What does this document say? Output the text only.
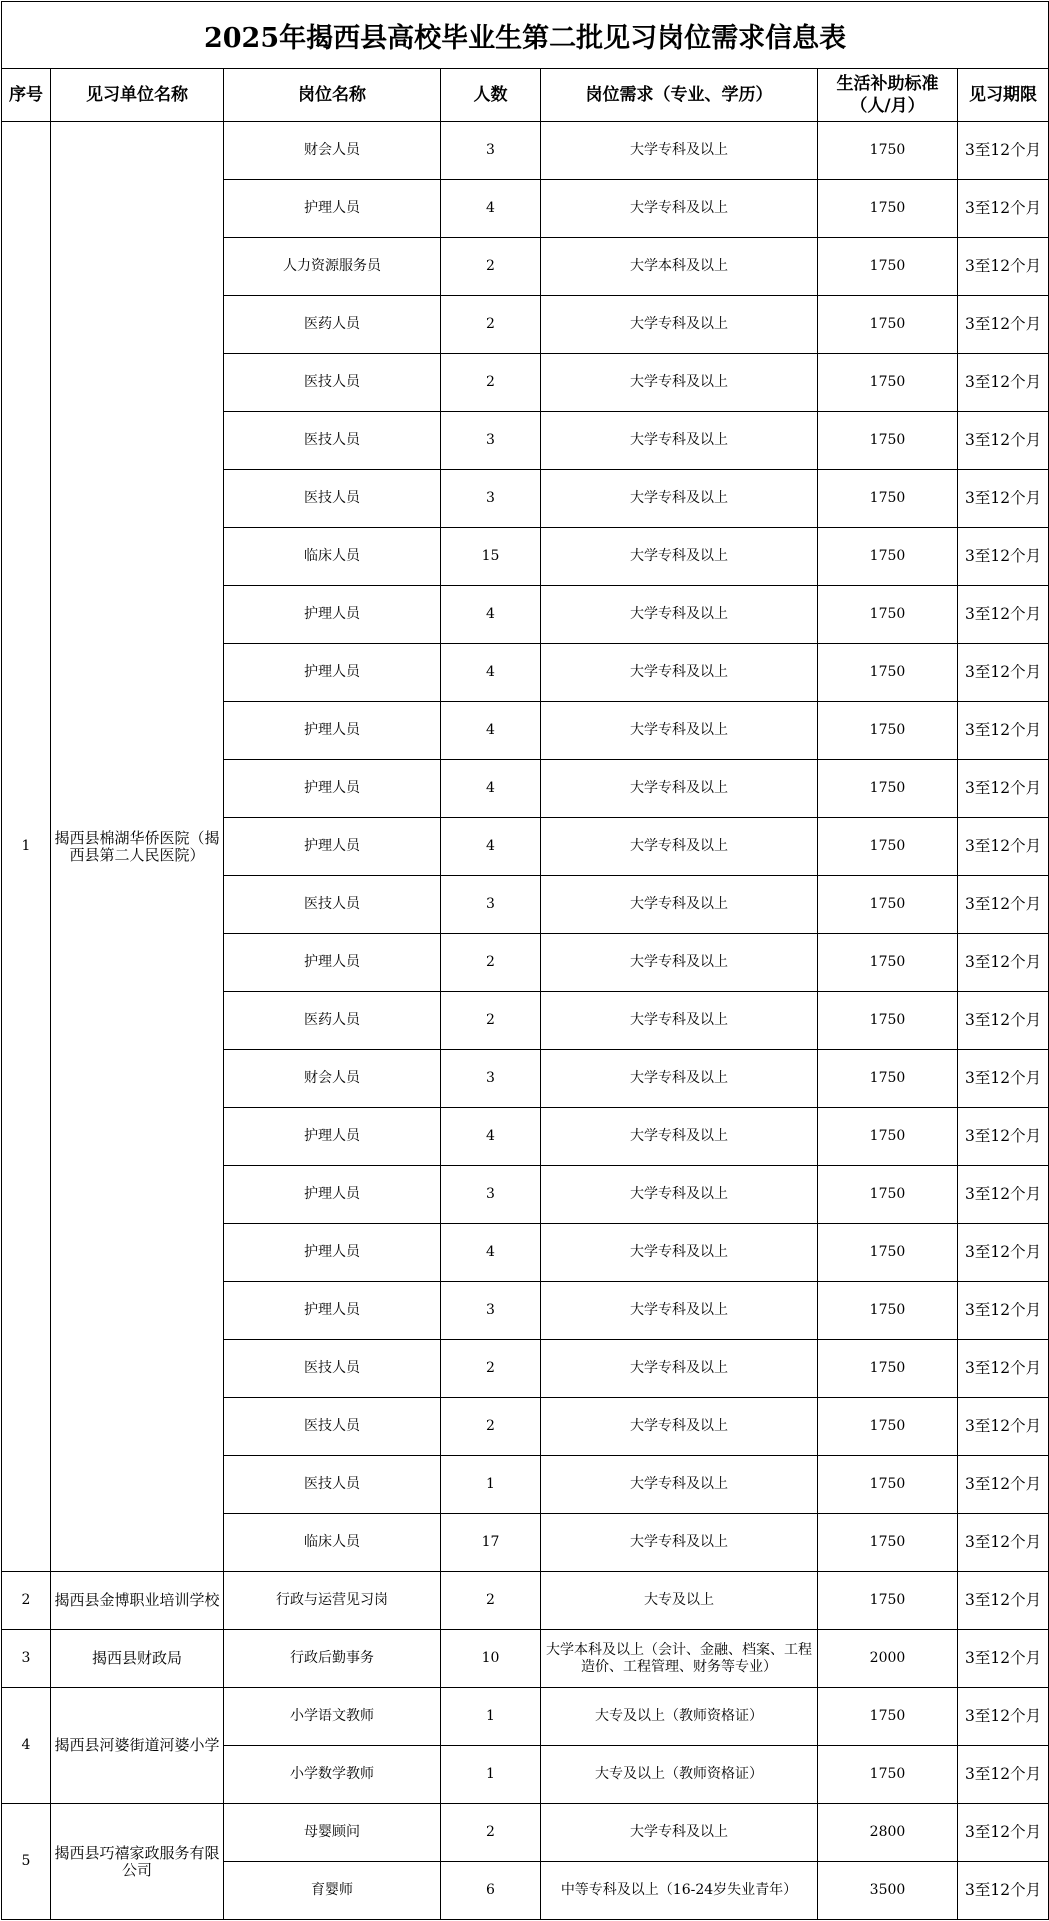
2025年揭西县高校毕业生第二批见习岗位需求信息表						
序号	见习单位名称	岗位名称	人数	岗位需求（专业、学历）	生活补助标准（人/月）	见习期限
1	揭西县棉湖华侨医院（揭西县第二人民医院）	财会人员	3	大学专科及以上	1750	3至12个月
		护理人员	4	大学专科及以上	1750	3至12个月
		人力资源服务员	2	大学本科及以上	1750	3至12个月
		医药人员	2	大学专科及以上	1750	3至12个月
		医技人员	2	大学专科及以上	1750	3至12个月
		医技人员	3	大学专科及以上	1750	3至12个月
		医技人员	3	大学专科及以上	1750	3至12个月
		临床人员	15	大学专科及以上	1750	3至12个月
		护理人员	4	大学专科及以上	1750	3至12个月
		护理人员	4	大学专科及以上	1750	3至12个月
		护理人员	4	大学专科及以上	1750	3至12个月
		护理人员	4	大学专科及以上	1750	3至12个月
		护理人员	4	大学专科及以上	1750	3至12个月
		医技人员	3	大学专科及以上	1750	3至12个月
		护理人员	2	大学专科及以上	1750	3至12个月
		医药人员	2	大学专科及以上	1750	3至12个月
		财会人员	3	大学专科及以上	1750	3至12个月
		护理人员	4	大学专科及以上	1750	3至12个月
		护理人员	3	大学专科及以上	1750	3至12个月
		护理人员	4	大学专科及以上	1750	3至12个月
		护理人员	3	大学专科及以上	1750	3至12个月
		医技人员	2	大学专科及以上	1750	3至12个月
		医技人员	2	大学专科及以上	1750	3至12个月
		医技人员	1	大学专科及以上	1750	3至12个月
		临床人员	17	大学专科及以上	1750	3至12个月
2	揭西县金博职业培训学校	行政与运营见习岗	2	大专及以上	1750	3至12个月
3	揭西县财政局	行政后勤事务	10	大学本科及以上（会计、金融、档案、工程造价、工程管理、财务等专业）	2000	3至12个月
4	揭西县河婆街道河婆小学	小学语文教师	1	大专及以上（教师资格证）	1750	3至12个月
		小学数学教师	1	大专及以上（教师资格证）	1750	3至12个月
5	揭西县巧禧家政服务有限公司	母婴顾问	2	大学专科及以上	2800	3至12个月
		育婴师	6	中等专科及以上（16-24岁失业青年）	3500	3至12个月
